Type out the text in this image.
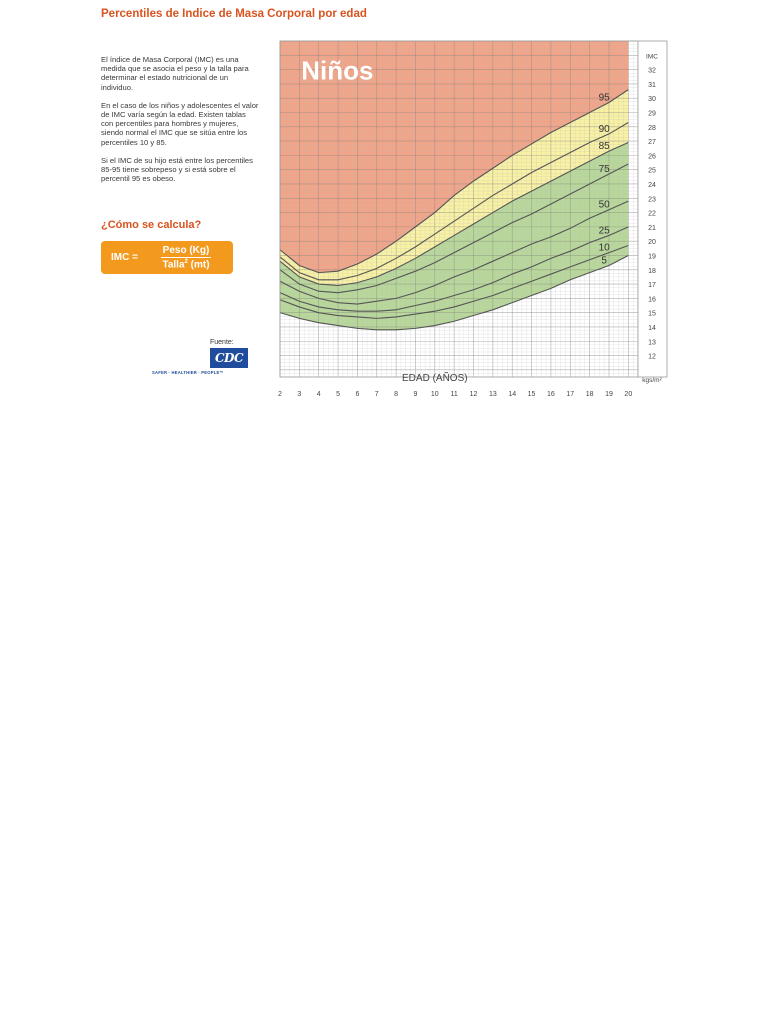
Percentiles de Indice de Masa Corporal por edad

El índice de Masa Corporal (IMC) es una medida que se asocia el peso y la talla para determinar el estado nutricional de un individuo.

En el caso de los niños y adolescentes el valor de IMC varía según la edad. Existen tablas con percentiles para hombres y mujeres, siendo normal el IMC que se sitúa entre los percentiles 10 y 85.

Si el IMC de su hijo está entre los percentiles 85-95 tiene sobrepeso y si está sobre el percentil 95 es obeso.

¿Cómo se calcula?
IMC =	$\frac{\text{Peso (Kg)}}{Talla^2 (mt)}$
Fuente:
CDC
SAFER · HEALTHIER · PEOPLE™
95
90
85
75
50
25
10
5
Niños
12
13
14
15
16
17
18
19
20
21
22
23
24
25
26
27
28
29
30
31
32
IMC
2 3 4 5 6 7 8 9 10 11 12 13 14 15 16 17 18 19 20
EDAD (AÑOS)	kgs/m²
